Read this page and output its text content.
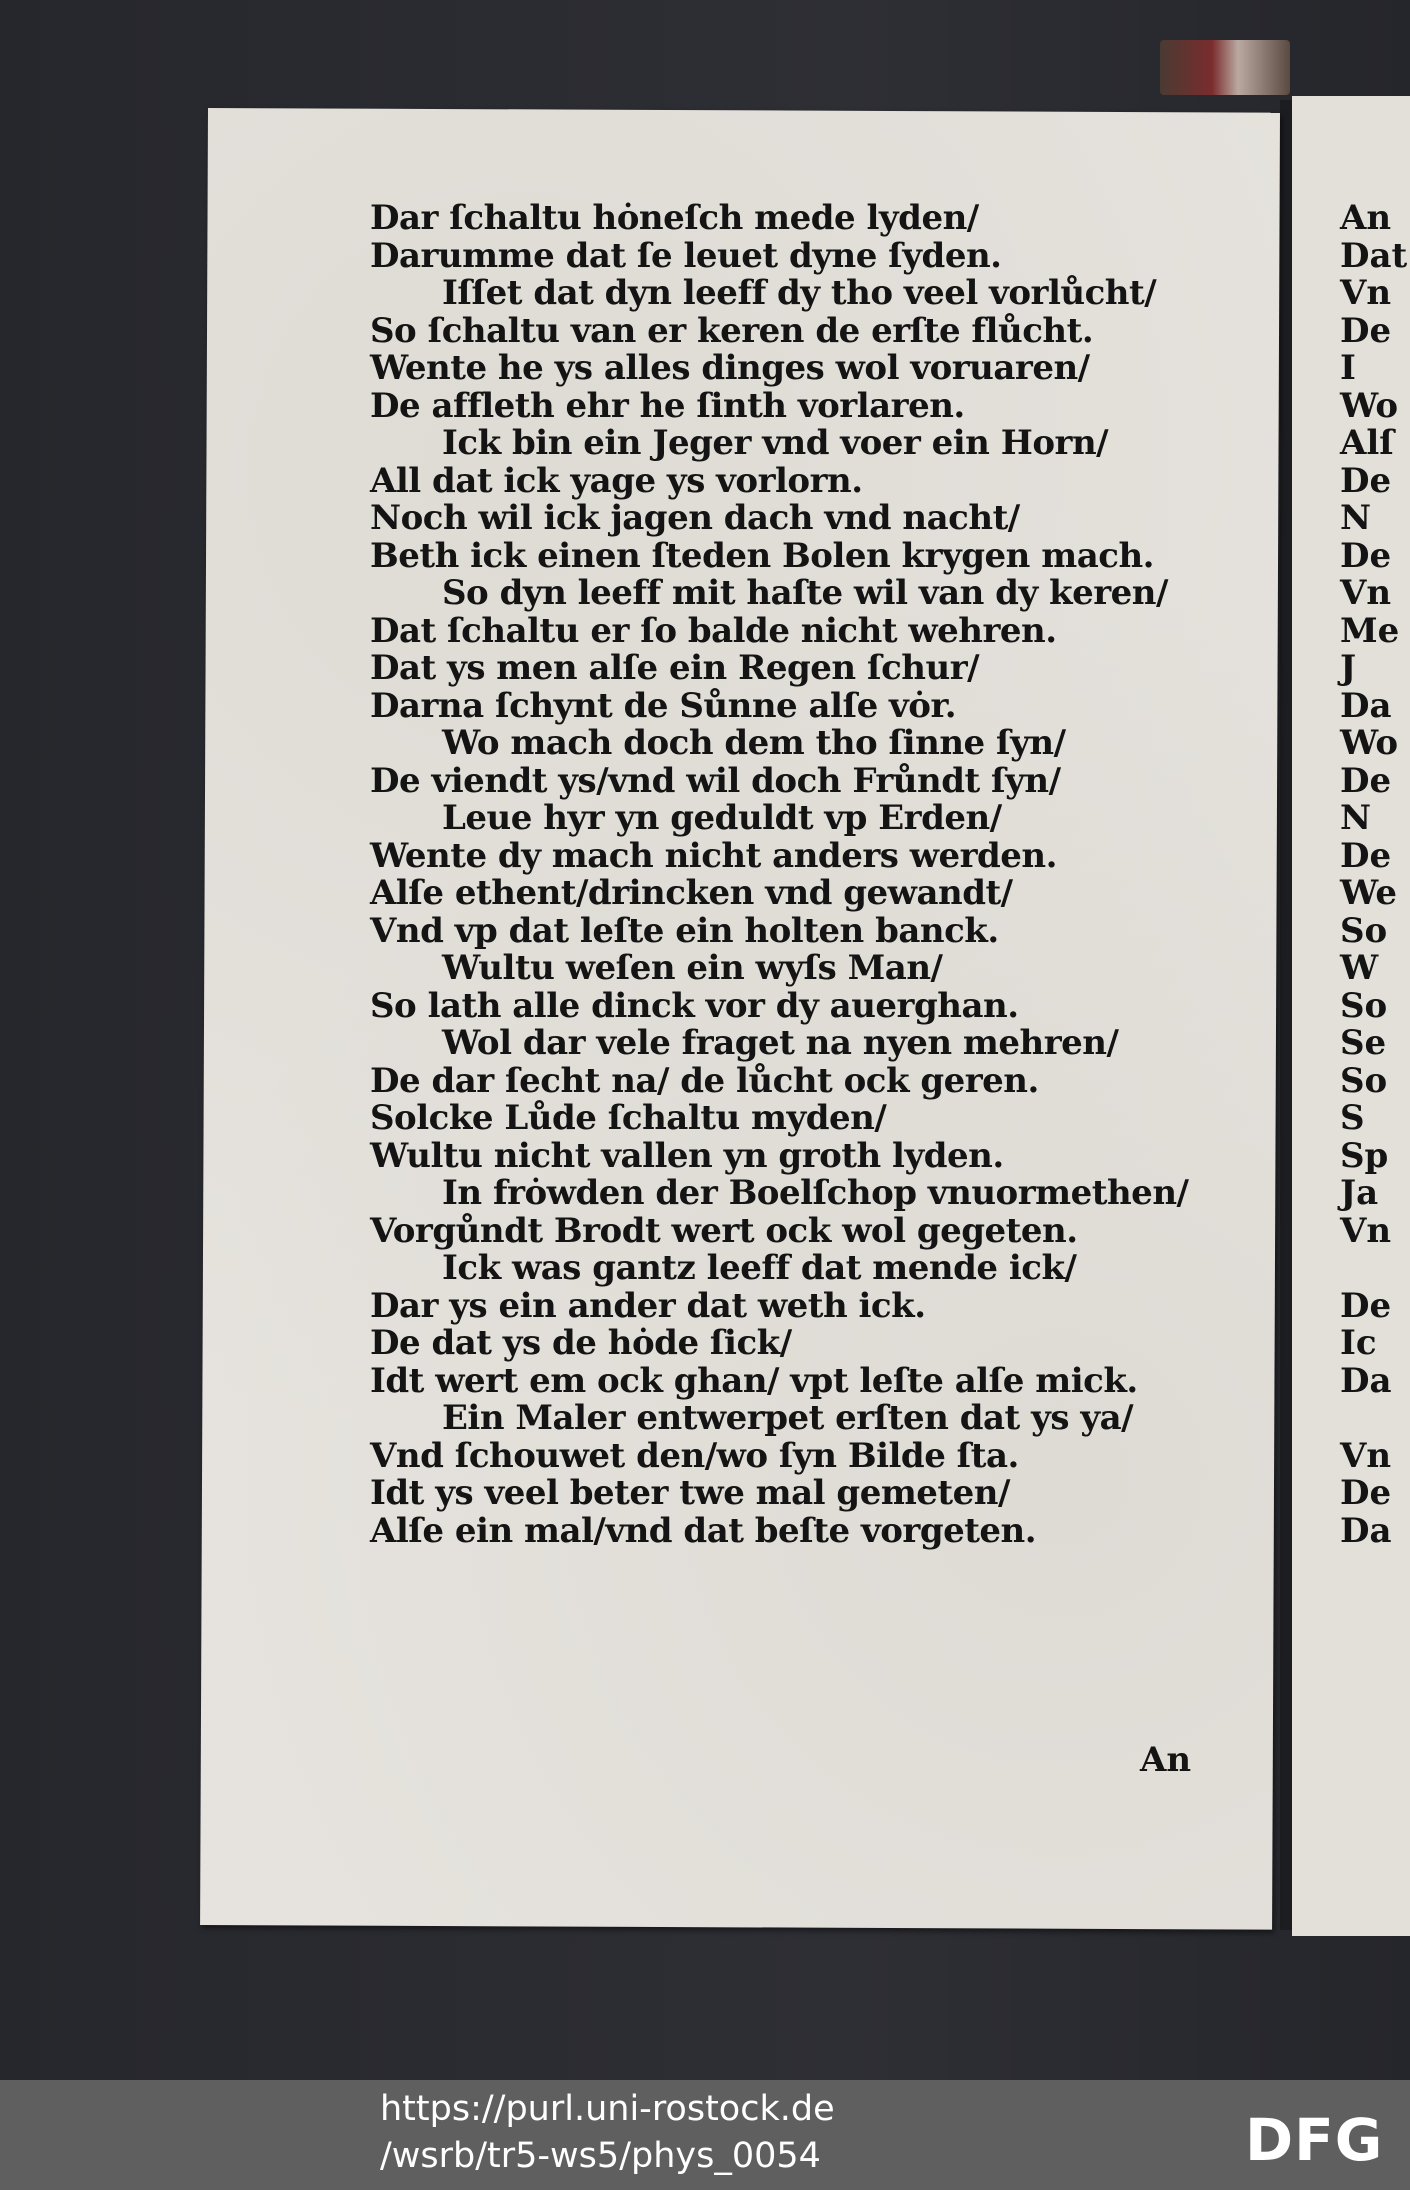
Dar ſchaltu hȯneſch mede lyden/
Darumme dat ſe leuet dyne ſyden.
Iſſet dat dyn leeff dy tho veel vorlůcht/
So ſchaltu van er keren de erſte flůcht.
Wente he ys alles dinges wol voruaren/
De affleth ehr he ſinth vorlaren.
Ick bin ein Jeger vnd voer ein Horn/
All dat ick yage ys vorlorn.
Noch wil ick jagen dach vnd nacht/
Beth ick einen ſteden Bolen krygen mach.
So dyn leeff mit haſte wil van dy keren/
Dat ſchaltu er ſo balde nicht wehren.
Dat ys men alſe ein Regen ſchur/
Darna ſchynt de Sůnne alſe vȯr.
Wo mach doch dem tho ſinne ſyn/
De viendt ys/vnd wil doch Frůndt ſyn/
Leue hyr yn geduldt vp Erden/
Wente dy mach nicht anders werden.
Alſe ethent/drincken vnd gewandt/
Vnd vp dat leſte ein holten banck.
Wultu weſen ein wyſs Man/
So lath alle dinck vor dy auerghan.
Wol dar vele fraget na nyen mehren/
De dar ſecht na/ de lůcht ock geren.
Solcke Lůde ſchaltu myden/
Wultu nicht vallen yn groth lyden.
In frȯwden der Boelſchop vnuormethen/
Vorgůndt Brodt wert ock wol gegeten.
Ick was gantz leeff dat mende ick/
Dar ys ein ander dat weth ick.
De dat ys de hȯde ſick/
Idt wert em ock ghan/ vpt leſte alſe mick.
Ein Maler entwerpet erſten dat ys ya/
Vnd ſchouwet den/wo ſyn Bilde ſta.
Idt ys veel beter twe mal gemeten/
Alſe ein mal/vnd dat beſte vorgeten.
An
An
Dat
Vn
De
I
Wo
Alſ
De
N
De
Vn
Me
J
Da
Wo
De
N
De
We
So
W
So
Se
So
S
Sp
Ja
Vn
De
Ic
Da
Vn
De
Da
https://purl.uni-rostock.de
/wsrb/tr5-ws5/phys_0054	DFG
